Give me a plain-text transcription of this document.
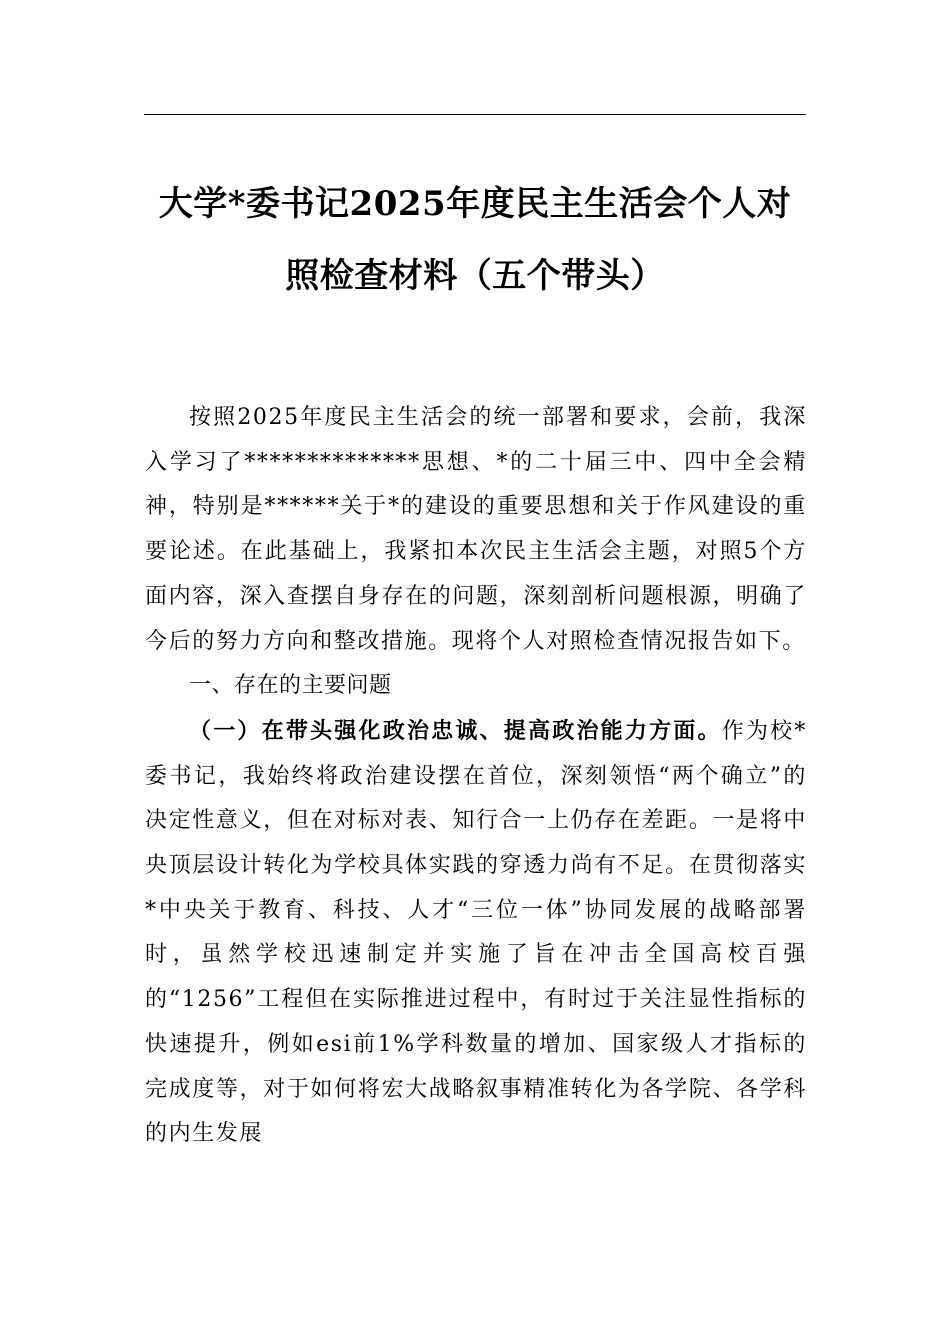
大学*委书记2025年度民主生活会个人对
照检查材料（五个带头）

按照2025年度民主生活会的统一部署和要求，会前，我深入学习了**************思想、*的二十届三中、四中全会精神，特别是******关于*的建设的重要思想和关于作风建设的重要论述。在此基础上，我紧扣本次民主生活会主题，对照5个方面内容，深入查摆自身存在的问题，深刻剖析问题根源，明确了今后的努力方向和整改措施。现将个人对照检查情况报告如下。

一、存在的主要问题

（一）在带头强化政治忠诚、提高政治能力方面。作为校*委书记，我始终将政治建设摆在首位，深刻领悟“两个确立”的决定性意义，但在对标对表、知行合一上仍存在差距。一是将中央顶层设计转化为学校具体实践的穿透力尚有不足。在贯彻落实*中央关于教育、科技、人才“三位一体”协同发展的战略部署时，虽然学校迅速制定并实施了旨在冲击全国高校百强的“1256”工程但在实际推进过程中，有时过于关注显性指标的快速提升，例如esi前1%学科数量的增加、国家级人才指标的完成度等，对于如何将宏大战略叙事精准转化为各学院、各学科的内生发展
